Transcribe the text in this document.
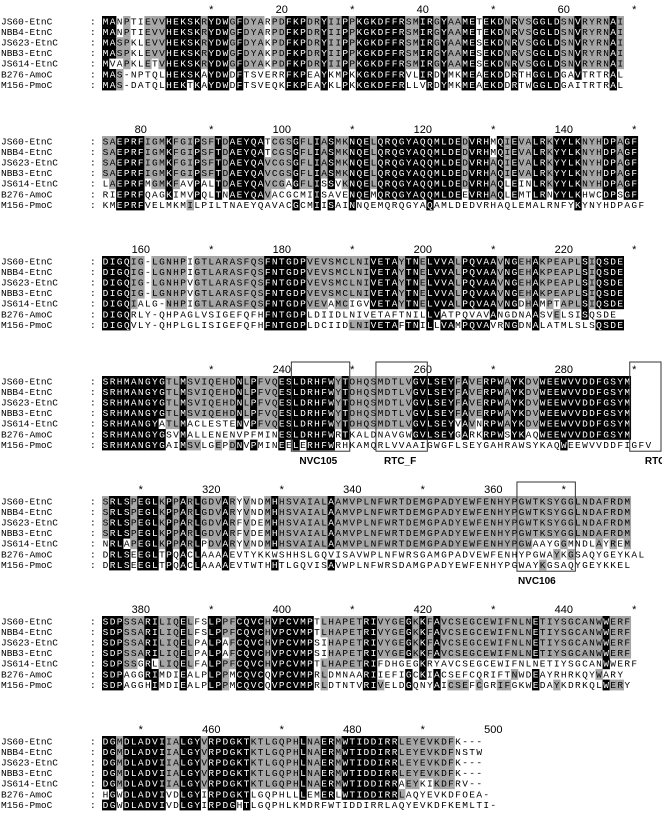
*	20	*	40	*	60	*
JS60-EtnC	: M A N P T I E V V H E K S K R Y D W G F D Y A R P D F K P D R Y I I P P K G K D F F R S M I R G Y A A M E T E K D N R V S G G L D S N V R Y R N A I
NBB4-EtnC	: M A N P T I E V V H E K S K R Y D W G F D Y A R P D F K P D R Y I I P P K G K D F F R S M I R G Y A A M E T E K D N R V S G G L D S N V R Y R N A I
JS623-EtnC	: M A S P K L E V V H E K S K R Y D W G F D Y A K P D F K P D R Y I I P P K G K D F F R S M I R G Y A A M E S E K D N R V S G G L D S N V R Y R N A I
NBB3-EtnC	: M A S P K L E V V H E K S K R Y D W G F D Y A K P D F K P D R Y I I P P K G K D F F R S M I R G Y A A M E S E K D N R V S G G L D S N V R Y R N A I
JS614-EtnC	: M V A P K L E T V H E K S K R Y D W G F D Y A K P D F K P D R Y I I P P K G K D F F R S M I R G Y A A M E S E K D N R V S G G L D S N V R Y R N A I
B276-AmoC	: M A S - N P T Q L H E K S K A Y D W D F T S V E R R F K P E A Y K M P K K G K D F F R V L I R D Y M K M E A E K D D R T H G G L D G A V T R T R A L
M156-PmoC	: M A S - D A T Q L H E K T K A Y D W D F T S V E Q K F K P E A Y K L P K K G K D F F R L L V R D Y M K M E A E K D D R T W G G L D G A I T R T R A L
80	*	100	*	120	*	140	*
JS60-EtnC	: S A E P R F I G M K F G I P S F T D A E Y Q A T C G S G F L I A S M K N Q E L Q R Q G Y A Q Q M L D E D V R H M Q I E V A L R K Y Y L K N Y H D P A G F
NBB4-EtnC	: S A E P R F I G M K F G I P S F T D A E Y Q A T C G S G F L I A S M K N Q E L Q R Q G Y A Q Q M L D E D V R H M Q I E V A L R K Y Y L K N Y H D P A G F
JS623-EtnC	: S A E P R F I G M K F G I P S F T D A E Y Q A V C G S G F L I A S M K N Q E L Q R Q G Y A Q Q M L D E D V R H A Q I E V A L R K Y Y L K N Y H D P A G F
NBB3-EtnC	: S A E P R F I G M K F G I P S F T D A E Y Q A V C G S G F L I A S M K N Q E L Q R Q G Y A Q Q M L D E D V R H A Q I E V A L R K Y Y L K N Y H D P A G F
JS614-EtnC	: L A E P R F M G M K F A V P A L T D A E Y Q A V C G A G F L I S S V K N Q E L Q R Q G Y A Q Q M L D E D V R H A Q L E I N L R K Y Y L K N Y H D P A G F
B276-AmoC	: R I E P R F Q A G K I M V P Q L T N A E Y Q A V A C G C M I I S A V E N Q E M Q R Q G Y A Q Q M L D E E V R H A Q L E M T L R N Y Y L K H W C D P S G F
M156-PmoC	: K M E P R F V E L M K M I L P I L T N A E Y Q A V A C G C M I I S A I N N Q E M Q R Q G Y A Q A M L D E D V R H A Q L E M A L R N F Y K Y N Y H D P A G F
160	*	180	*	200	*	220	*
JS60-EtnC	: D I G Q I G - L G N H P I G T L A R A S F Q S F N T G D P V E V S M C L N I V E T A Y T N E L V V A L P Q V A A V N G E H A K P E A P L S I Q S D E
NBB4-EtnC	: D I G Q I G - L G N H P I G T L A R A S F Q S F N T G D P V E V S M C L N I V E T A Y T N E L V V A L P Q V A A V N G E H A K P E A P L S I Q S D E
JS623-EtnC	: D I G Q I G - L G N H P V G T L A R A S F Q S F N T G D P V E V S M C L N I V E T A Y T N E L V V A L P Q V A A V N G E H A K P E A P L S I Q S D E
NBB3-EtnC	: D I G Q I G - L G N H P V G T L A R A S F Q S F N T G D P V E V S M C L N I V E T A Y T N E L V V A L P Q V A A V N G E H A K P E A P L S I Q S D E
JS614-EtnC	: D I G Q I A L G - N H P I G T L A R A S F Q S F N T G D P V E V A M C I G V V E T A Y T N E L V V A L P Q V A A V N G D H A M P T A P L S I Q S D E
B276-AmoC	: D I G Q R L Y - Q H P A G L V S I G E F Q F H F N T G D P L D I I D L N I V E T A F T N I L L V A T P Q V A V A N G D N A A S V E L S I S Q S D E
M156-PmoC	: D I G Q V L Y - Q H P L G L I S I G E F Q F H F N T G D P L D C I I D L N I V E T A F T N I L L V A M P Q V A V R N G D N A L A T M L S L S Q S D E
*	240	*	260	*	280	*
JS60-EtnC	: S R H M A N G Y G T L M S V I Q E H D N L P F V Q E S L D R H F W Y T O H Q S M D T L V G V L S E Y F A V E R P W A Y K D V W E E W V V D D F G S Y M
NBB4-EtnC	: S R H M A N G Y G T L M S V I Q E H D N L P F V Q E S L D R H F W Y T O H Q S M D T L V G V L S E Y F A V E R P W A Y K D V W E E W V V D D F G S Y M
JS623-EtnC	: S R H M A N G Y G T L M S V I Q E H D N L P F V Q E S L D R H F W Y T O H Q S M D T L V G V L S E Y F A V E R P W A Y K D V W E E W V V D D F G S Y M
NBB3-EtnC	: S R H M A N G Y G T L M S V I Q E H D N L P F V Q E S L D R H F W Y T O H Q S M D T L V G V L S E Y F A V E R P W A Y K D V W E E W V V D D F G S Y M
JS614-EtnC	: S R H M A N G Y A T L M A C L E S T E N V P F V Q E S L D R H F W Y T O H Q S M D T L V G V L S E Y V A V N R P W A Y K D V W E E W V V D D F G S Y M
B276-AmoC	: S R H M A N G Y G S V M A L L E N E N V P F M I N E S L D R H F W R T K A L D N A V G W G V L S E Y G A R K R P W S Y K A Q W E E W V V D D F G S Y M
M156-PmoC	: S R H M A N G Y G A I M S V L G E P D N V P M I N E E L E R H F W R H K A M Q R L V V A A I G W G F L S E Y G A H R A W S Y K A Q W E E W V V D D F I G F V
NVC105	RTC_F	RTC
*	320	*	340	*	360	*
JS60-EtnC	: S R L S P E G L K P P A R L G D V A R Y V N D M H H S V A I A L A A M V P L N F W R T D E M G P A D Y E W F E N H Y P G W T K S Y G G L N D A F R D M
NBB4-EtnC	: S R L S P E G L K P P A R L G D V A R Y V N D M H H S V A I A L A A M V P L N F W R T D E M G P A D Y E W F E N H Y P G W T K S Y G G L N D A F R D M
JS623-EtnC	: S R L S P E G L K P P A R L G D V A R F V D E M H H S V A I A L A A M V P L N F W R T D E M G P A D Y E W F E N H Y P G W T K S Y G G L N D A F R D M
NBB3-EtnC	: S R L S P E G L K P P A R L G D V A R F V D E M H H S V A I A L A A M V P L N F W R T D E M G P A D Y E W F E N H Y P G W T K S Y G G L N D A F R D M
JS614-EtnC	: N R L A P E G L K P P A R L P D V A R Y V N D M H H S V A I A L A A M V P L N F W R T D E M G P A D Y E W F E N H Y P G W A A Y G G M N D L A Y R E M
B276-AmoC	: D R L S E E G L T P Q A C L A A A A E V T Y K K W S H H S L G Q V I S A V W P L N F W R S G A M G P A D V E W F E N H Y P G W A Y K G S A Q Y G E Y K A L
M156-PmoC	: D R L S E E G L T P Q A C L A A A A E V T W T H H T L G Q V I S A V W P L N F W R S D A M G P A D Y E W F E N H Y P G W A Y K G S A Q Y G E Y K K E L
NVC106
380	*	400	*	420	*	440	*
JS60-EtnC	: S D P S S A R I L I Q E L F S L P P F C Q V C H V P C V M P T L H A P E T R I V Y G E G K K F A V C S E G C E W I F N L N E T I Y S G C A N W W E R F
NBB4-EtnC	: S D P S S A R I L I Q E L F S L P P F C Q V C H V P C V M P T L H A P E T R I V Y G E G K K F A V C S E G C E W I F N L N E T I Y S G C A N W W E R F
JS623-EtnC	: S D P S S A R I L I Q E L P A L P A F C Q V C H V P C V M P S I H A P E T R I V Y G E G K K F A V C S E G C E W I F N L N E T I Y S G C A N W W E R F
NBB3-EtnC	: S D P S S A R I L I Q E L P A L P A F C Q V C H V P C V M P S I H A P E T R I V Y G E G K K F A V C S E G C E W I F N L N E T I Y S G C A N W W E R F
JS614-EtnC	: S D P S S G R L L I Q E L F A L P P F C Q V C H V P C V M P T L H A P E T R I F D H G E G K R Y A V C S E G C E W I F N L N E T I Y S G C A N W W E R F
B276-AmoC	: S D P A G G R I M D I E A L P L P P M C Q V C Q V P C V M P R L D M N A A R I I E F I G C K I A C S E F C Q R I F T N W D E A Y R H R K Q Y W A R Y
M156-PmoC	: S D P A G G H I M D I E A L P L P P M C Q V C Q V P C V M P R L D T N T V R I V E L D G Q N Y A I C S E F C G R I F G K W E D A Y K D R K Q L W E R Y
*	460	*	480	*	500
JS60-EtnC	: D G M D L A D V I I A L G Y V R P D G K T K T L G Q P H L N A E R M W T I D D I R R L E Y E V K D F K - - -
NBB4-EtnC	: D G M D L A D V I I A L G Y V R P D G K T K T L G Q P H L N A E R M W T I D D I R R L E Y E V K D F N S T W
JS623-EtnC	: D G M D L A D V I I A L G Y V R P D G K T K T L G Q P H L N A E R M W T I D D I R R L E Y E V K D F K - - -
NBB3-EtnC	: D G M D L A D V I I A L G Y V R P D G K T K T L G Q P H L N A E R M W T I D D I R R L E Y E V K D F K - - -
JS614-EtnC	: D G M D L A D V I I A L G Y V R P D G K T K T L G Q P H L N A E R M W T I D D I R R A E Y K I K D F R V - -
B276-AmoC	: H G W D L A D V I V D L G Y I R P D G K T L G Q P H L L L E M E R L W T I D D I R R L A Q Y E V K D F O E A -
M156-PmoC	: D G W D L A D V I V D L G Y I R P D G H T L G Q P H L K M D R F W T I D D I R R L A Q Y E V K D F K E M L T I -
